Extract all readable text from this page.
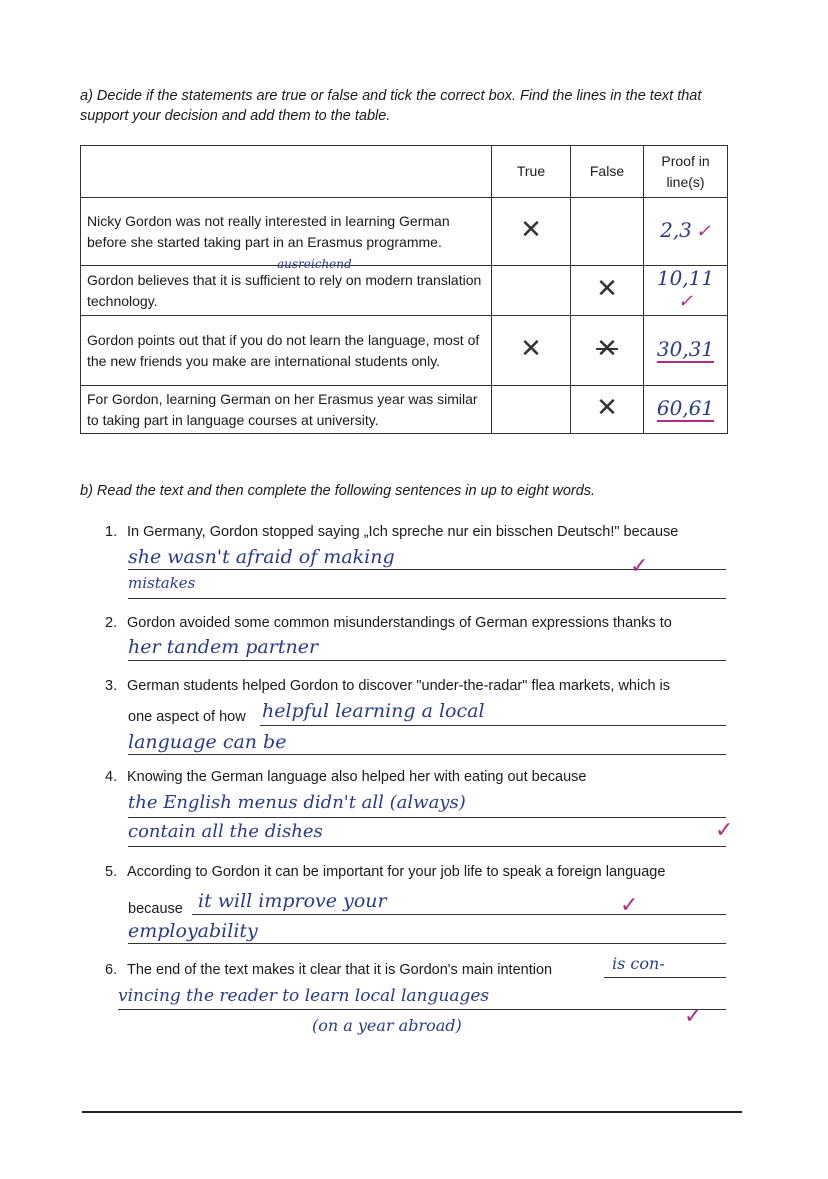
a) Decide if the statements are true or false and tick the correct box. Find the lines in the text that support your decision and add them to the table.
	True	False	Proof in line(s)
Nicky Gordon was not really interested in learning German before she started taking part in an Erasmus programme.	✕		2,3 ✓

ausreichend
Gordon believes that it is sufficient to rely on modern translation technology.		✕	10,11 ✓
Gordon points out that if you do not learn the language, most of the new friends you make are international students only.	✕	✕	30,31
For Gordon, learning German on her Erasmus year was similar to taking part in language courses at university.		✕	60,61
b) Read the text and then complete the following sentences in up to eight words.
1. In Germany, Gordon stopped saying „Ich spreche nur ein bisschen Deutsch!" because
she wasn't afraid of making	✓
mistakes
2. Gordon avoided some common misunderstandings of German expressions thanks to
her tandem partner
3. German students helped Gordon to discover "under-the-radar" flea markets, which is
one aspect of how helpful learning a local
language can be
4. Knowing the German language also helped her with eating out because
the English menus didn't all (always)
contain all the dishes	✓
5. According to Gordon it can be important for your job life to speak a foreign language
because it will improve your	✓
employability
6. The end of the text makes it clear that it is Gordon's main intention	is con-
vincing the reader to learn local languages
(on a year abroad)	✓
